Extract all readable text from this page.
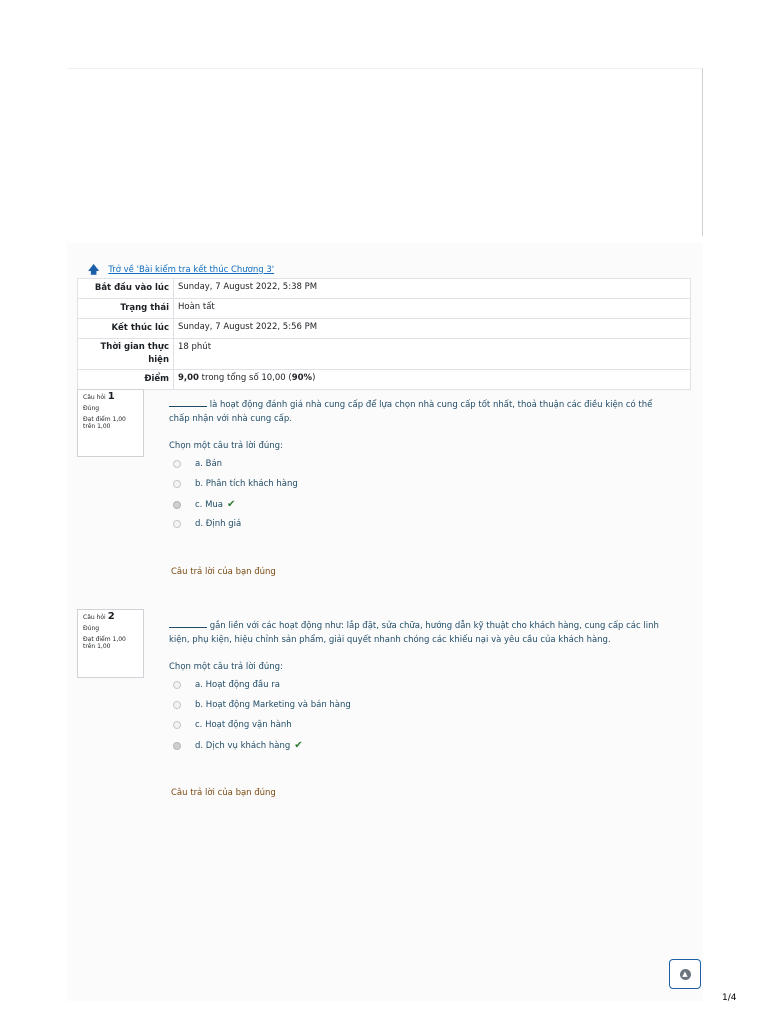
🡅 Trở về 'Bài kiểm tra kết thúc Chương 3'
Bắt đầu vào lúc	Sunday, 7 August 2022, 5:38 PM
Trạng thái	Hoàn tất
Kết thúc lúc	Sunday, 7 August 2022, 5:56 PM
Thời gian thực hiện	18 phút
Điểm	9,00 trong tổng số 10,00 (90%)
Câu hỏi 1
Đúng
Đạt điểm 1,00
trên 1,00
là hoạt động đánh giá nhà cung cấp để lựa chọn nhà cung cấp tốt nhất, thoả thuận các điều kiện có thể chấp nhận với nhà cung cấp.
Chọn một câu trả lời đúng:
a. Bán
b. Phân tích khách hàng
c. Mua ✔
d. Định giá
Câu trả lời của bạn đúng
Câu hỏi 2
Đúng
Đạt điểm 1,00
trên 1,00
gắn liền với các hoạt động như: lắp đặt, sửa chữa, hướng dẫn kỹ thuật cho khách hàng, cung cấp các linh kiện, phụ kiện, hiệu chỉnh sản phẩm, giải quyết nhanh chóng các khiếu nại và yêu cầu của khách hàng.
Chọn một câu trả lời đúng:
a. Hoạt động đầu ra
b. Hoạt động Marketing và bán hàng
c. Hoạt động vận hành
d. Dịch vụ khách hàng ✔
Câu trả lời của bạn đúng
▲
1/4
